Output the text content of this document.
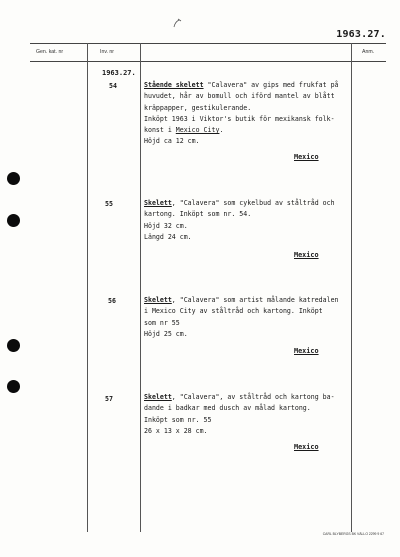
1963.27.
Gen. kat. nr	Inv. nr	Anm.
1963.27.
54	Stående skelett "Calavera" av gips med frukfat på
huvudet, hår av bomull och iförd mantel av blått
kräppapper, gestikulerande.
Inköpt 1963 i Viktor's butik för mexikansk folk-
konst i Mexico City.
Höjd ca 12 cm.
Mexico
55	Skelett, "Calavera" som cykelbud av ståltråd och
kartong. Inköpt som nr. 54.
Höjd 32 cm.
Längd 24 cm.
Mexico
56	Skelett, "Calavera" som artist målande katredalen
i Mexico City av ståltråd och kartong. Inköpt
som nr 55
Höjd 25 cm.
Mexico
57	Skelett, "Calavera", av ståltråd och kartong ba-
dande i badkar med dusch av målad kartong.
Inköpt som nr. 55
26 x 13 x 28 cm.
Mexico
CARL BLYBERGS BK VÄLLO 2299 9 67
